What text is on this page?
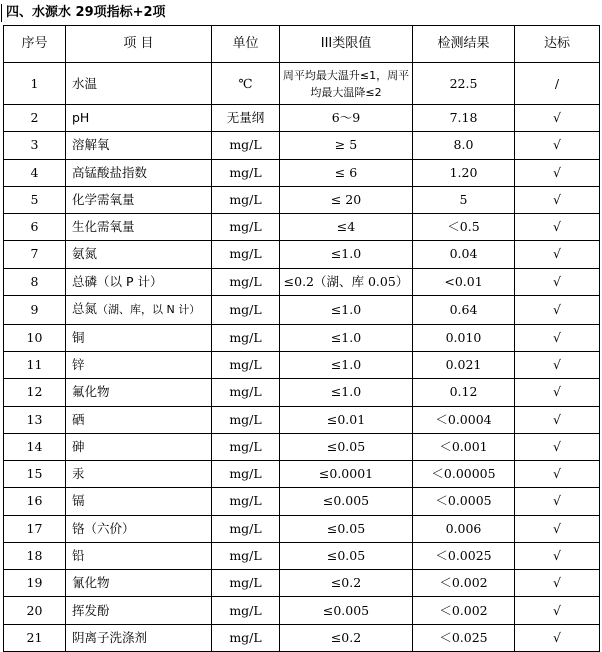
四、水源水 29项指标+2项
序号	项 目	单位	III类限值	检测结果	达标
1	水温	℃	周平均最大温升≤1，周平均最大温降≤2	22.5	/
2	pH	无量纲	6～9	7.18	√
3	溶解氧	mg/L	≥ 5	8.0	√
4	高锰酸盐指数	mg/L	≤ 6	1.20	√
5	化学需氧量	mg/L	≤ 20	5	√
6	生化需氧量	mg/L	≤4	＜0.5	√
7	氨氮	mg/L	≤1.0	0.04	√
8	总磷（以 P 计）	mg/L	≤0.2（湖、库 0.05）	<0.01	√
9	总氮（湖、库，以 N 计）	mg/L	≤1.0	0.64	√
10	铜	mg/L	≤1.0	0.010	√
11	锌	mg/L	≤1.0	0.021	√
12	氟化物	mg/L	≤1.0	0.12	√
13	硒	mg/L	≤0.01	＜0.0004	√
14	砷	mg/L	≤0.05	＜0.001	√
15	汞	mg/L	≤0.0001	＜0.00005	√
16	镉	mg/L	≤0.005	＜0.0005	√
17	铬（六价）	mg/L	≤0.05	0.006	√
18	铅	mg/L	≤0.05	＜0.0025	√
19	氰化物	mg/L	≤0.2	＜0.002	√
20	挥发酚	mg/L	≤0.005	＜0.002	√
21	阴离子洗涤剂	mg/L	≤0.2	＜0.025	√
